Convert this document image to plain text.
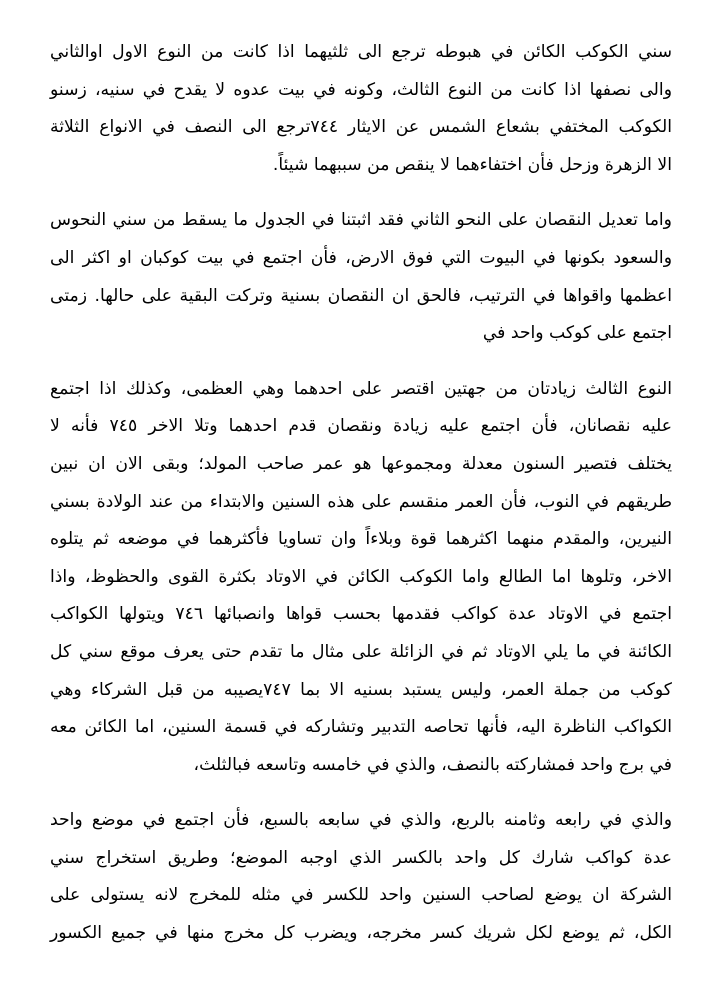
سني الكوكب الكائن في هبوطه ترجع الى ثلثيهما اذا كانت من النوع الاول اوالثاني
والى نصفها اذا كانت من النوع الثالث، وكونه في بيت عدوه لا يقدح في سنيه، زسنو
الكوكب المختفي بشعاع الشمس عن الايثار ٧٤٤ترجع الى النصف في الانواع الثلاثة
الا الزهرة وزحل فأن اختفاءهما لا ينقص من سببهما شيئاً.
واما تعديل النقصان على النحو الثاني فقد اثبتنا في الجدول ما يسقط من سني النحوس
والسعود بكونها في البيوت التي فوق الارض، فأن اجتمع في بيت كوكبان او اكثر الى
اعظمها واقواها في الترتيب، فالحق ان النقصان بسنية وتركت البقية على حالها. زمتى
اجتمع على كوكب واحد في
النوع الثالث زيادتان من جهتين اقتصر على احدهما وهي العظمى، وكذلك اذا اجتمع
عليه نقصانان، فأن اجتمع عليه زيادة ونقصان قدم احدهما وتلا الاخر ٧٤٥ فأنه لا
يختلف فتصير السنون معدلة ومجموعها هو عمر صاحب المولد؛ وبقى الان ان نبين
طريقهم في النوب، فأن العمر منقسم على هذه السنين والابتداء من عند الولادة بسني
النيرين، والمقدم منهما اكثرهما قوة وبلاءاً وان تساويا فأكثرهما في موضعه ثم يتلوه
الاخر، وتلوها اما الطالع واما الكوكب الكائن في الاوتاد بكثرة القوى والحظوظ، واذا
اجتمع في الاوتاد عدة كواكب فقدمها بحسب قواها وانصبائها ٧٤٦ ويتولها الكواكب
الكائنة في ما يلي الاوتاد ثم في الزائلة على مثال ما تقدم حتى يعرف موقع سني كل
كوكب من جملة العمر، وليس يستبد بسنيه الا بما ٧٤٧يصيبه من قبل الشركاء وهي
الكواكب الناظرة اليه، فأنها تحاصه التدبير وتشاركه في قسمة السنين، اما الكائن معه
في برج واحد فمشاركته بالنصف، والذي في خامسه وتاسعه فبالثلث،
والذي في رابعه وثامنه بالربع، والذي في سابعه بالسبع، فأن اجتمع في موضع واحد
عدة كواكب شارك كل واحد بالكسر الذي اوجبه الموضع؛ وطريق استخراج سني
الشركة ان يوضع لصاحب السنين واحد للكسر في مثله للمخرج لانه يستولى على
الكل، ثم يوضع لكل شريك كسر مخرجه، ويضرب كل مخرج منها في جميع الكسور
